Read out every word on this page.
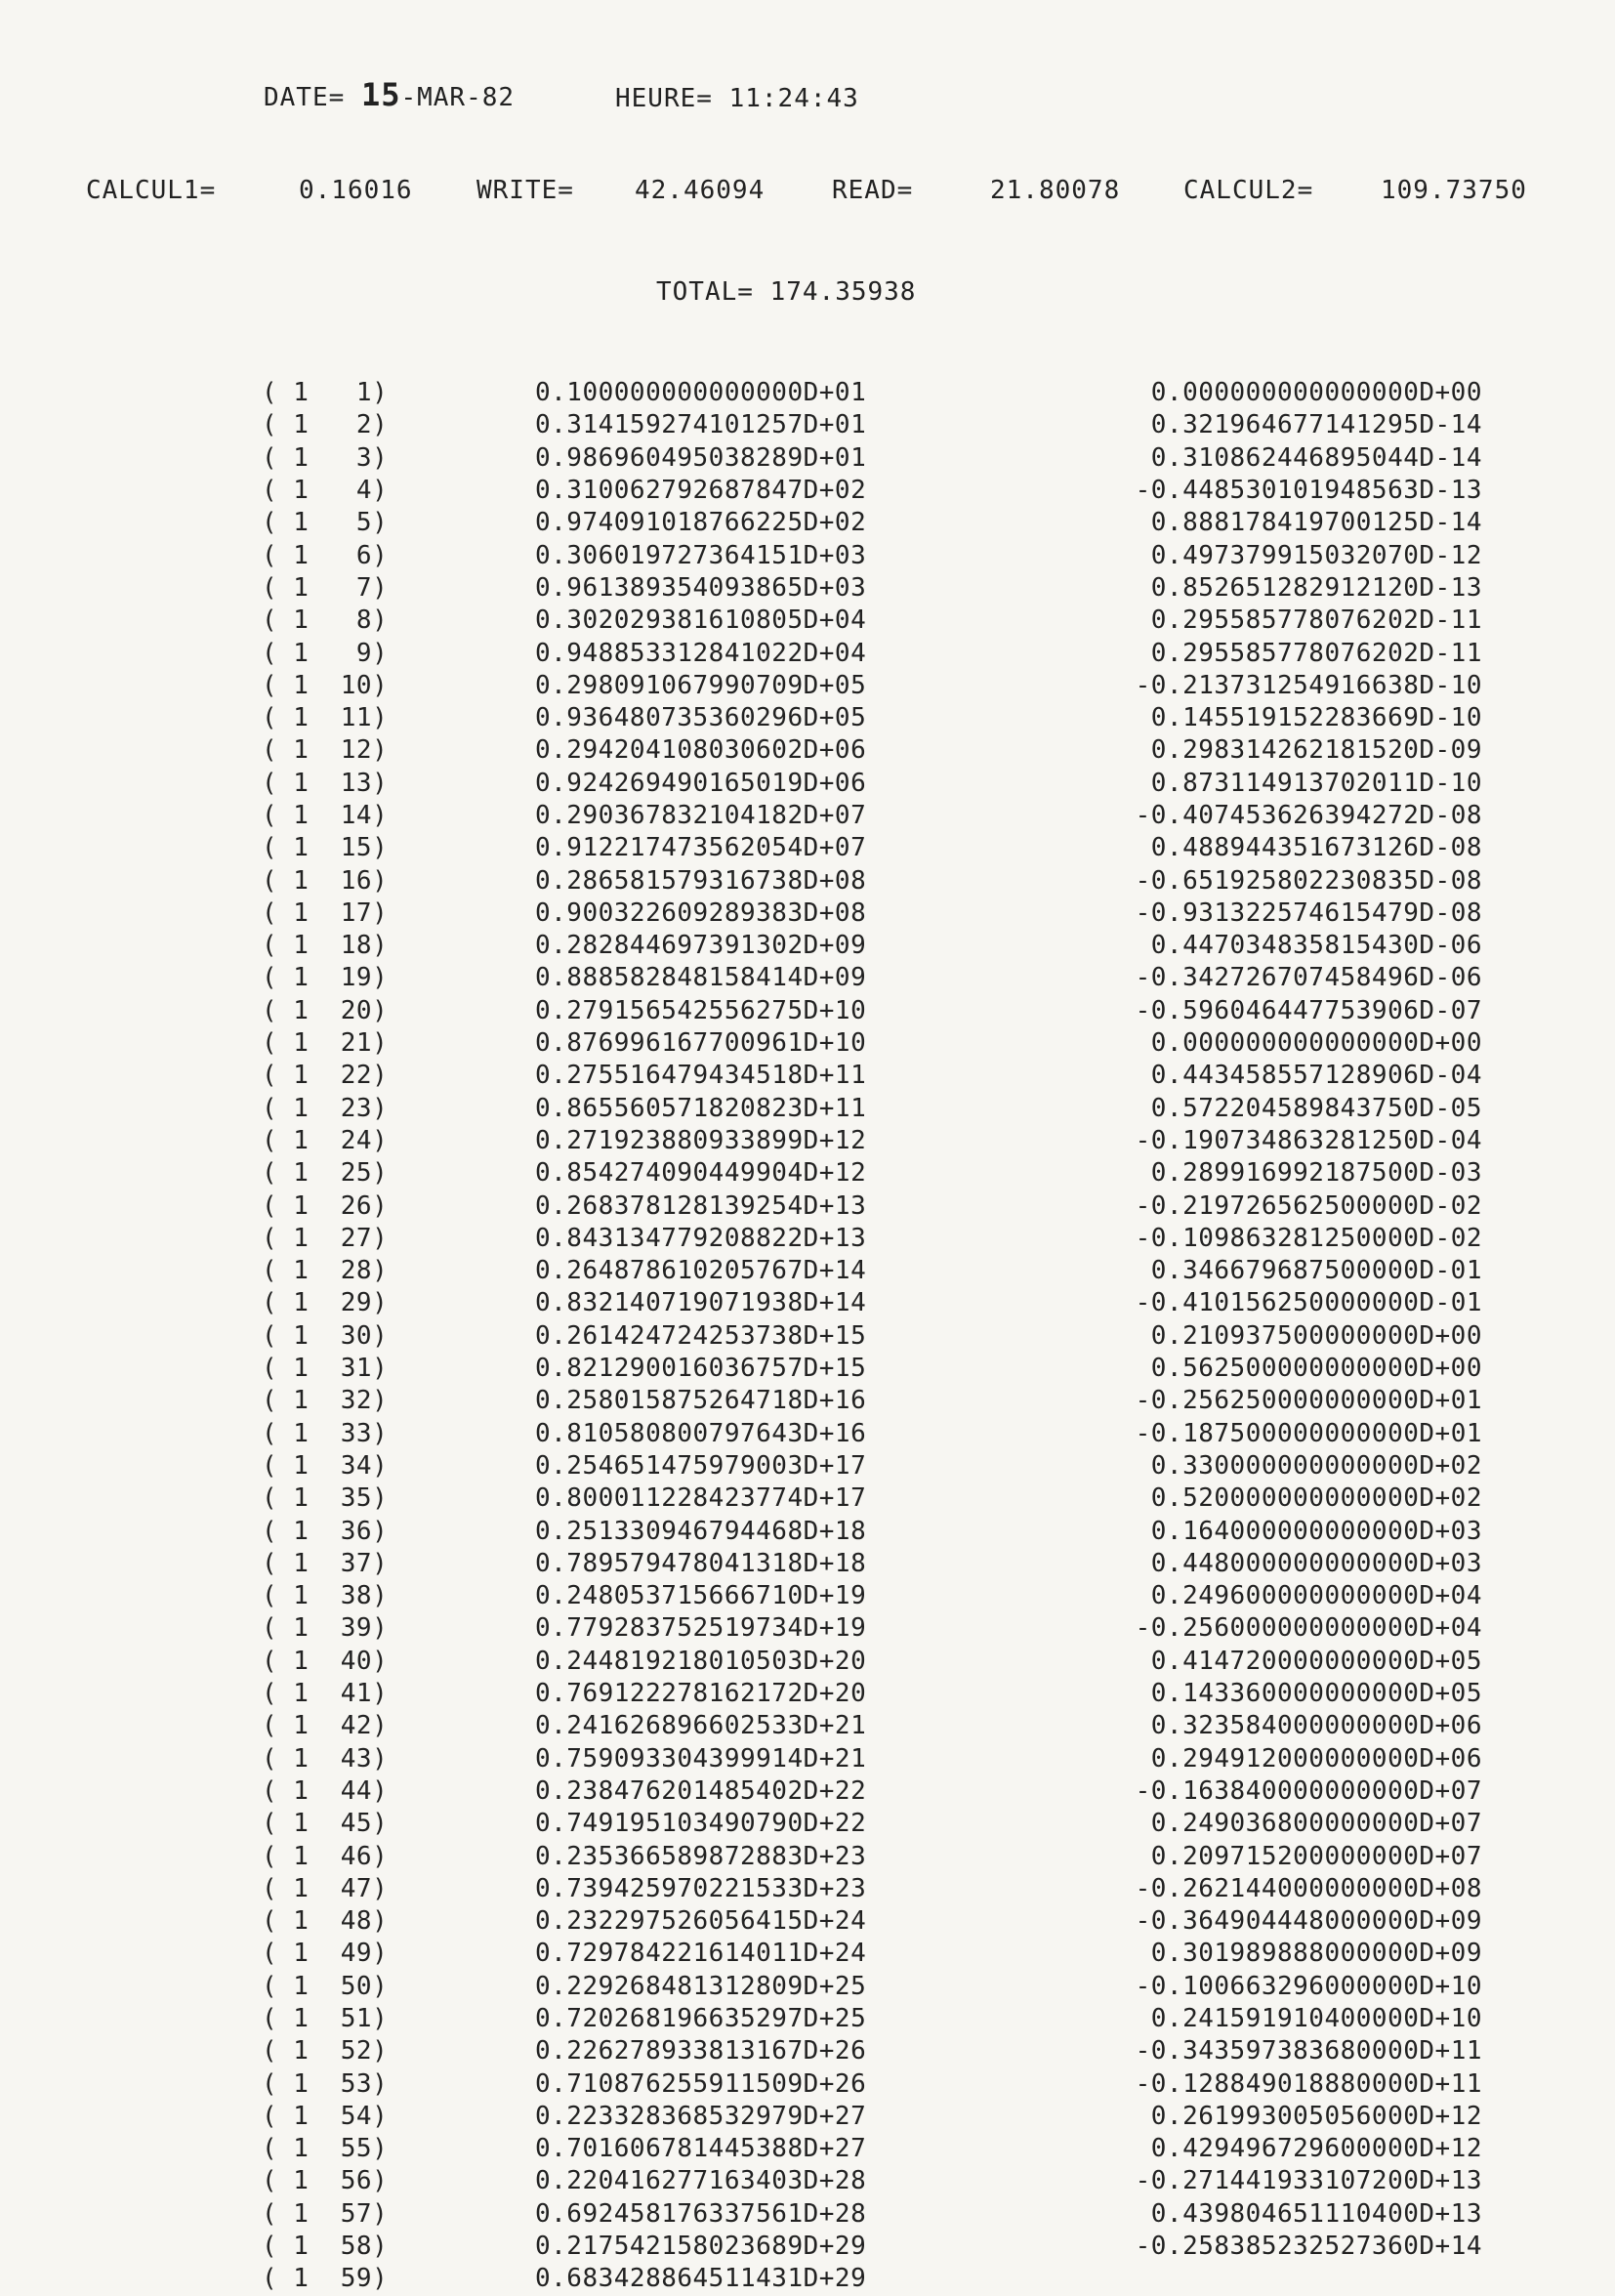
DATE= 15-MAR-82	HEURE= 11:24:43

CALCUL1=

	0.16016

	WRITE=

42.46094

	READ=

	21.80078

CALCUL2=

	109.73750

TOTAL= 174.35938
( 1   1)	0.100000000000000D+01	0.000000000000000D+00
( 1   2)	0.314159274101257D+01	0.321964677141295D-14
( 1   3)	0.986960495038289D+01	0.310862446895044D-14
( 1   4)	0.310062792687847D+02	-0.448530101948563D-13
( 1   5)	0.974091018766225D+02	0.888178419700125D-14
( 1   6)	0.306019727364151D+03	0.497379915032070D-12
( 1   7)	0.961389354093865D+03	0.852651282912120D-13
( 1   8)	0.302029381610805D+04	0.295585778076202D-11
( 1   9)	0.948853312841022D+04	0.295585778076202D-11
( 1  10)	0.298091067990709D+05	-0.213731254916638D-10
( 1  11)	0.936480735360296D+05	0.145519152283669D-10
( 1  12)	0.294204108030602D+06	0.298314262181520D-09
( 1  13)	0.924269490165019D+06	0.873114913702011D-10
( 1  14)	0.290367832104182D+07	-0.407453626394272D-08
( 1  15)	0.912217473562054D+07	0.488944351673126D-08
( 1  16)	0.286581579316738D+08	-0.651925802230835D-08
( 1  17)	0.900322609289383D+08	-0.931322574615479D-08
( 1  18)	0.282844697391302D+09	0.447034835815430D-06
( 1  19)	0.888582848158414D+09	-0.342726707458496D-06
( 1  20)	0.279156542556275D+10	-0.596046447753906D-07
( 1  21)	0.876996167700961D+10	0.000000000000000D+00
( 1  22)	0.275516479434518D+11	0.443458557128906D-04
( 1  23)	0.865560571820823D+11	0.572204589843750D-05
( 1  24)	0.271923880933899D+12	-0.190734863281250D-04
( 1  25)	0.854274090449904D+12	0.289916992187500D-03
( 1  26)	0.268378128139254D+13	-0.219726562500000D-02
( 1  27)	0.843134779208822D+13	-0.109863281250000D-02
( 1  28)	0.264878610205767D+14	0.346679687500000D-01
( 1  29)	0.832140719071938D+14	-0.410156250000000D-01
( 1  30)	0.261424724253738D+15	0.210937500000000D+00
( 1  31)	0.821290016036757D+15	0.562500000000000D+00
( 1  32)	0.258015875264718D+16	-0.256250000000000D+01
( 1  33)	0.810580800797643D+16	-0.187500000000000D+01
( 1  34)	0.254651475979003D+17	0.330000000000000D+02
( 1  35)	0.800011228423774D+17	0.520000000000000D+02
( 1  36)	0.251330946794468D+18	0.164000000000000D+03
( 1  37)	0.789579478041318D+18	0.448000000000000D+03
( 1  38)	0.248053715666710D+19	0.249600000000000D+04
( 1  39)	0.779283752519734D+19	-0.256000000000000D+04
( 1  40)	0.244819218010503D+20	0.414720000000000D+05
( 1  41)	0.769122278162172D+20	0.143360000000000D+05
( 1  42)	0.241626896602533D+21	0.323584000000000D+06
( 1  43)	0.759093304399914D+21	0.294912000000000D+06
( 1  44)	0.238476201485402D+22	-0.163840000000000D+07
( 1  45)	0.749195103490790D+22	0.249036800000000D+07
( 1  46)	0.235366589872883D+23	0.209715200000000D+07
( 1  47)	0.739425970221533D+23	-0.262144000000000D+08
( 1  48)	0.232297526056415D+24	-0.364904448000000D+09
( 1  49)	0.729784221614011D+24	0.301989888000000D+09
( 1  50)	0.229268481312809D+25	-0.100663296000000D+10
( 1  51)	0.720268196635297D+25	0.241591910400000D+10
( 1  52)	0.226278933813167D+26	-0.343597383680000D+11
( 1  53)	0.710876255911509D+26	-0.128849018880000D+11
( 1  54)	0.223328368532979D+27	0.261993005056000D+12
( 1  55)	0.701606781445388D+27	0.429496729600000D+12
( 1  56)	0.220416277163403D+28	-0.271441933107200D+13
( 1  57)	0.692458176337561D+28	0.439804651110400D+13
( 1  58)	0.217542158023689D+29	-0.258385232527360D+14
( 1  59)	0.683428864511431D+29	
